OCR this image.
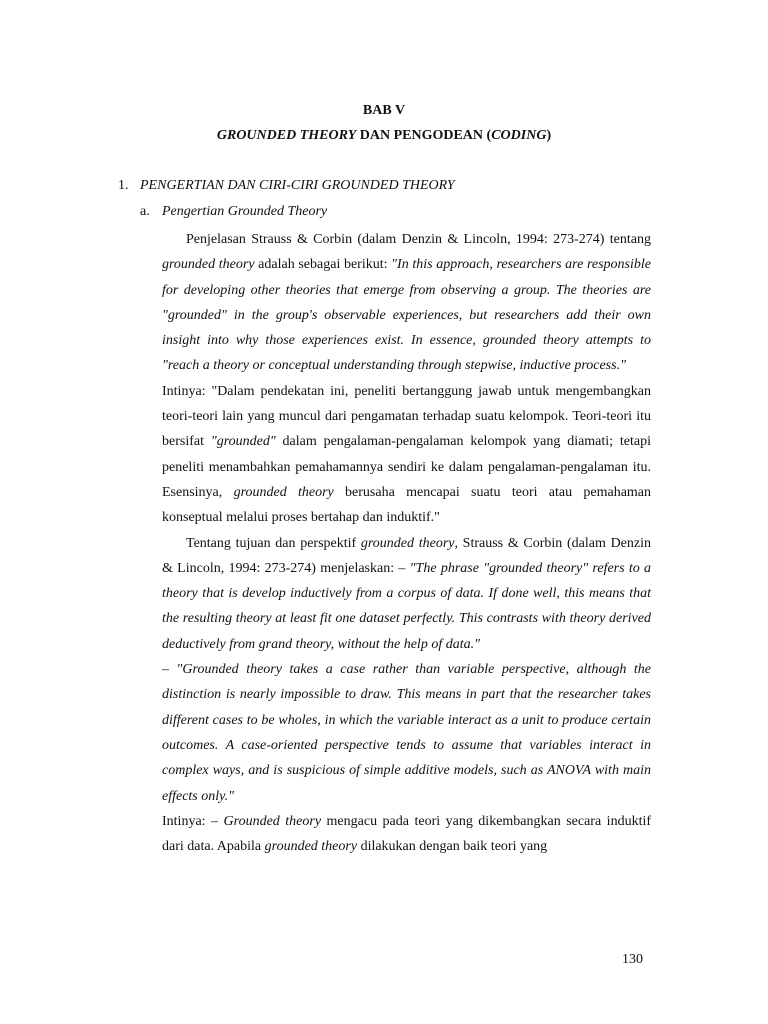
BAB V
GROUNDED THEORY DAN PENGODEAN (CODING)
1. PENGERTIAN DAN CIRI-CIRI GROUNDED THEORY
a. Pengertian Grounded Theory

Penjelasan Strauss & Corbin (dalam Denzin & Lincoln, 1994: 273-274) tentang grounded theory adalah sebagai berikut: "In this approach, researchers are responsible for developing other theories that emerge from observing a group. The theories are "grounded" in the group's observable experiences, but researchers add their own insight into why those experiences exist. In essence, grounded theory attempts to "reach a theory or conceptual understanding through stepwise, inductive process."

Intinya: "Dalam pendekatan ini, peneliti bertanggung jawab untuk mengembangkan teori-teori lain yang muncul dari pengamatan terhadap suatu kelompok. Teori-teori itu bersifat "grounded" dalam pengalaman-pengalaman kelompok yang diamati; tetapi peneliti menambahkan pemahamannya sendiri ke dalam pengalaman-pengalaman itu. Esensinya, grounded theory berusaha mencapai suatu teori atau pemahaman konseptual melalui proses bertahap dan induktif."

Tentang tujuan dan perspektif grounded theory, Strauss & Corbin (dalam Denzin & Lincoln, 1994: 273-274) menjelaskan: – "The phrase "grounded theory" refers to a theory that is develop inductively from a corpus of data. If done well, this means that the resulting theory at least fit one dataset perfectly. This contrasts with theory derived deductively from grand theory, without the help of data."

– "Grounded theory takes a case rather than variable perspective, although the distinction is nearly impossible to draw. This means in part that the researcher takes different cases to be wholes, in which the variable interact as a unit to produce certain outcomes. A case-oriented perspective tends to assume that variables interact in complex ways, and is suspicious of simple additive models, such as ANOVA with main effects only."

Intinya: – Grounded theory mengacu pada teori yang dikembangkan secara induktif dari data. Apabila grounded theory dilakukan dengan baik teori yang

130
